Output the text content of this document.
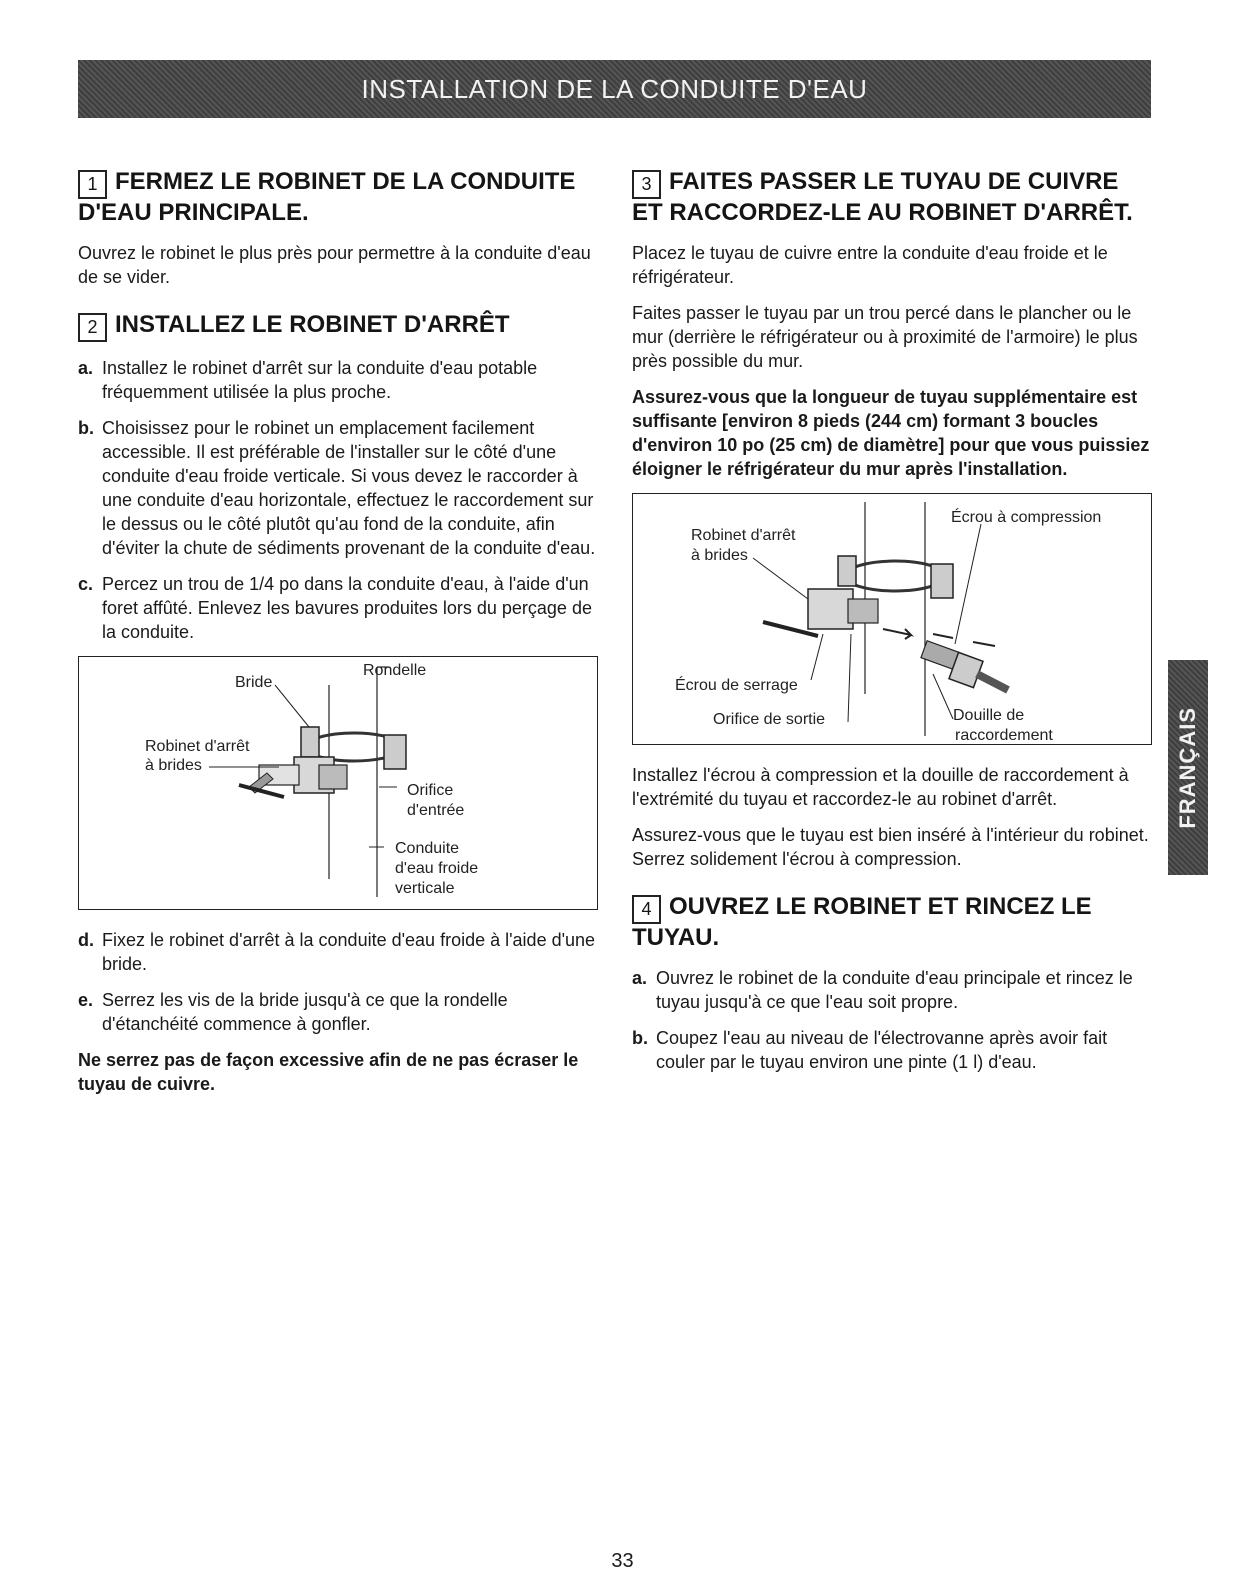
INSTALLATION DE LA CONDUITE D'EAU
1 FERMEZ LE ROBINET DE LA CONDUITE D'EAU PRINCIPALE.

Ouvrez le robinet le plus près pour permettre à la conduite d'eau de se vider.

2 INSTALLEZ LE ROBINET D'ARRÊT
a. Installez le robinet d'arrêt sur la conduite d'eau potable fréquemment utilisée la plus proche.
b. Choisissez pour le robinet un emplacement facilement accessible. Il est préférable de l'installer sur le côté d'une conduite d'eau froide verticale. Si vous devez le raccorder à une conduite d'eau horizontale, effectuez le raccordement sur le dessus ou le côté plutôt qu'au fond de la conduite, afin d'éviter la chute de sédiments provenant de la conduite d'eau.
c. Percez un trou de 1/4 po dans la conduite d'eau, à l'aide d'un foret affûté. Enlevez les bavures produites lors du perçage de la conduite.
Bride
Rondelle
Robinet d'arrêt
à brides
Orifice
d'entrée
Conduite
d'eau froide
verticale
d. Fixez le robinet d'arrêt à la conduite d'eau froide à l'aide d'une bride.
e. Serrez les vis de la bride jusqu'à ce que la rondelle d'étanchéité commence à gonfler.

Ne serrez pas de façon excessive afin de ne pas écraser le tuyau de cuivre.

3 FAITES PASSER LE TUYAU DE CUIVRE ET RACCORDEZ-LE AU ROBINET D'ARRÊT.

Placez le tuyau de cuivre entre la conduite d'eau froide et le réfrigérateur.

Faites passer le tuyau par un trou percé dans le plancher ou le mur (derrière le réfrigérateur ou à proximité de l'armoire) le plus près possible du mur.

Assurez-vous que la longueur de tuyau supplémentaire est suffisante [environ 8 pieds (244 cm) formant 3 boucles d'environ 10 po (25 cm) de diamètre] pour que vous puissiez éloigner le réfrigérateur du mur après l'installation.

Robinet d'arrêt
à brides
Écrou à compression
Écrou de serrage
Orifice de sortie	Douille de
raccordement

Installez l'écrou à compression et la douille de raccordement à l'extrémité du tuyau et raccordez-le au robinet d'arrêt.

Assurez-vous que le tuyau est bien inséré à l'intérieur du robinet. Serrez solidement l'écrou à compression.

4 OUVREZ LE ROBINET ET RINCEZ LE TUYAU.
a. Ouvrez le robinet de la conduite d'eau principale et rincez le tuyau jusqu'à ce que l'eau soit propre.
b. Coupez l'eau au niveau de l'électrovanne après avoir fait couler par le tuyau environ une pinte (1 l) d'eau.
FRANÇAIS
33
